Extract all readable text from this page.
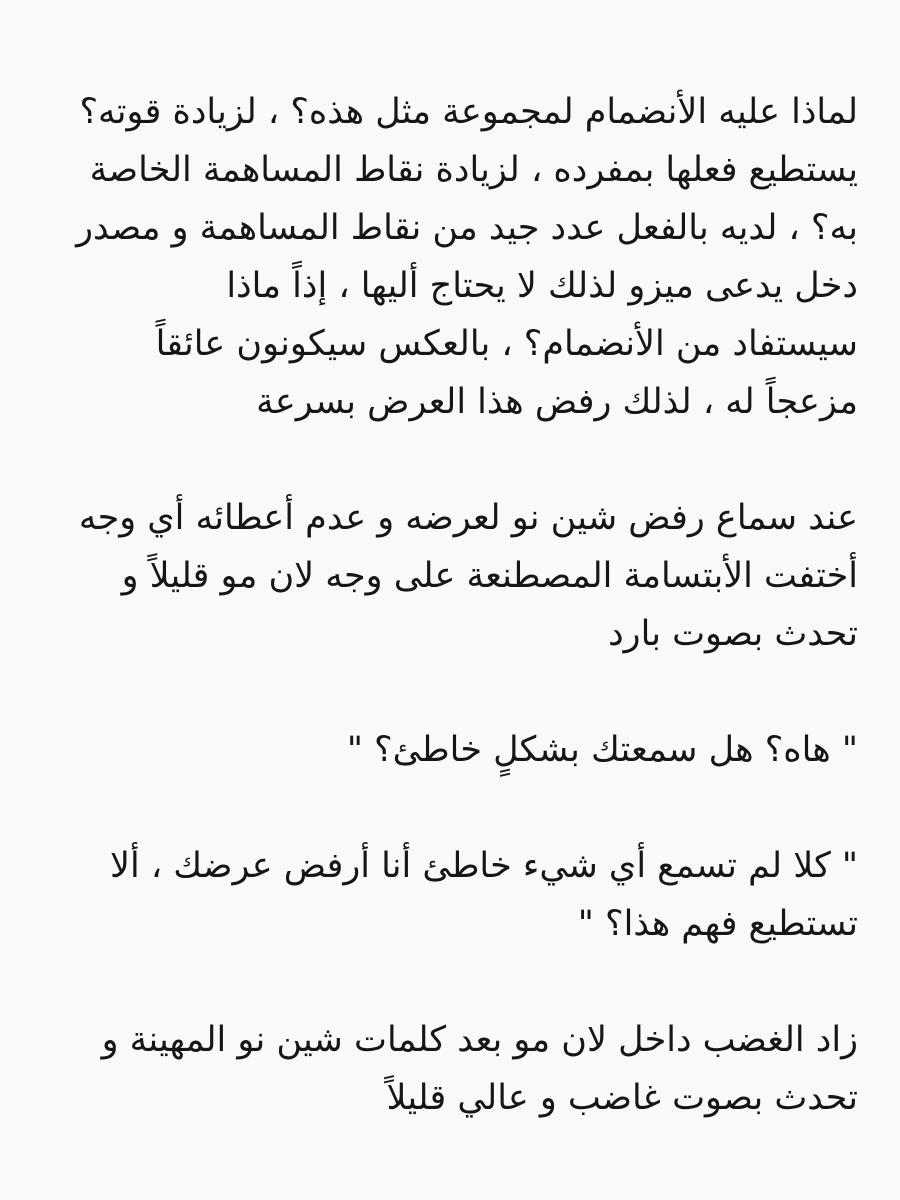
لماذا عليه الأنضمام لمجموعة مثل هذه؟ ، لزيادة قوته؟
يستطيع فعلها بمفرده ، لزيادة نقاط المساهمة الخاصة
به؟ ، لديه بالفعل عدد جيد من نقاط المساهمة و مصدر
دخل يدعى ميزو لذلك لا يحتاج أليها ، إذاً ماذا
سيستفاد من الأنضمام؟ ، بالعكس سيكونون عائقاً
مزعجاً له ، لذلك رفض هذا العرض بسرعة
عند سماع رفض شين نو لعرضه و عدم أعطائه أي وجه
أختفت الأبتسامة المصطنعة على وجه لان مو قليلاً و
تحدث بصوت بارد
" هاه؟ هل سمعتك بشكلٍ خاطئ؟ "
" كلا لم تسمع أي شيء خاطئ أنا أرفض عرضك ، ألا
تستطيع فهم هذا؟ "
زاد الغضب داخل لان مو بعد كلمات شين نو المهينة و
تحدث بصوت غاضب و عالي قليلاً
